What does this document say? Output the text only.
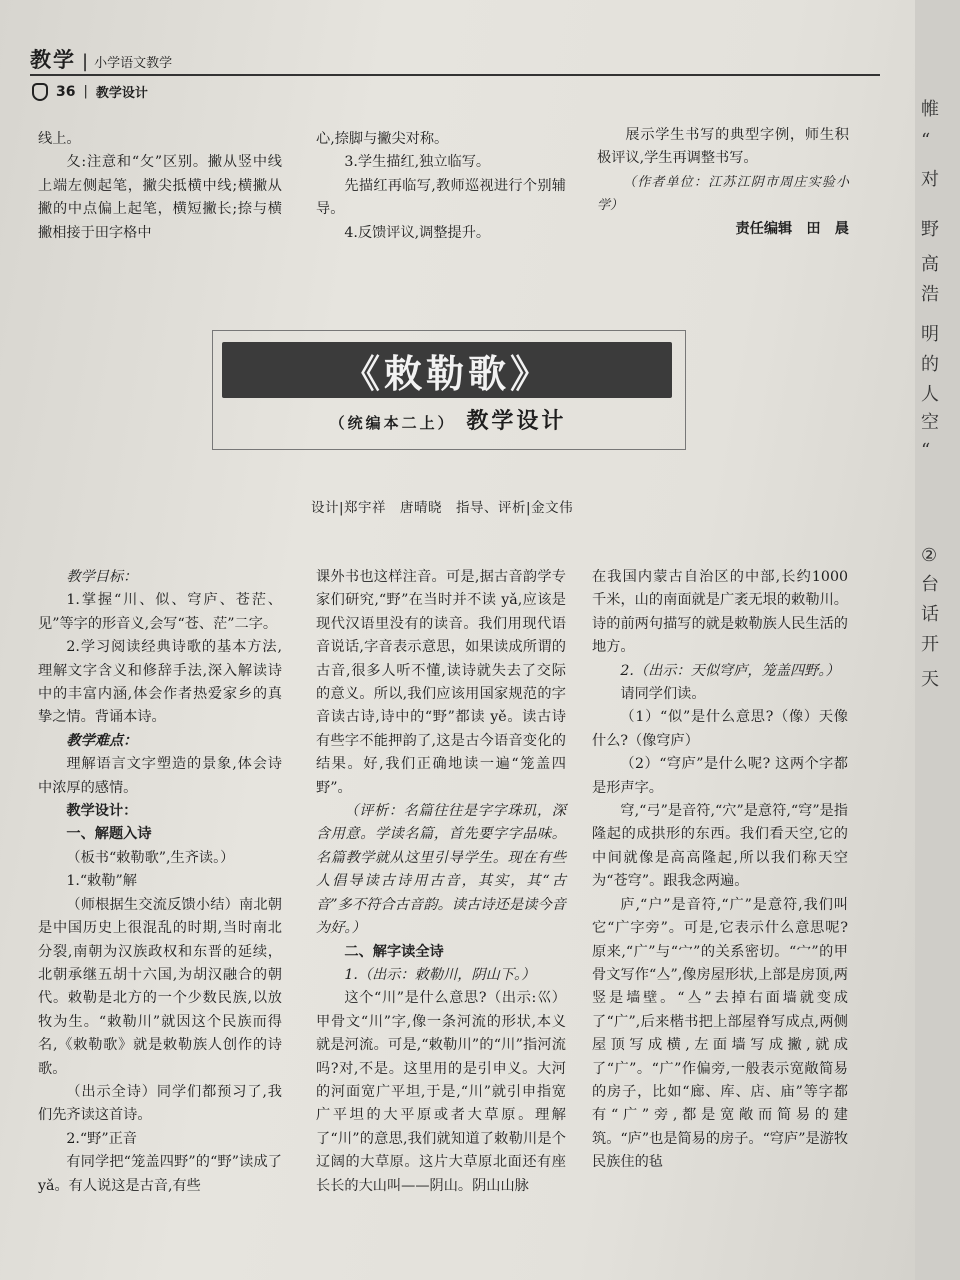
教学 | 小学语文教学
36 | 教学设计

线上。

夂:注意和“攵”区别。撇从竖中线上端左侧起笔，撇尖抵横中线;横撇从撇的中点偏上起笔，横短撇长;捺与横撇相接于田字格中

心,捺脚与撇尖对称。

3.学生描红,独立临写。

先描红再临写,教师巡视进行个别辅导。

4.反馈评议,调整提升。

展示学生书写的典型字例，师生积极评议,学生再调整书写。

（作者单位：江苏江阴市周庄实验小学）

责任编辑　田　晨

《敕勒歌》
（统编本二上） 教学设计
设计|郑宇祥　唐晴晓　指导、评析|金文伟

教学目标：

1.掌握“川、似、穹庐、苍茫、见”等字的形音义,会写“苍、茫”二字。

2.学习阅读经典诗歌的基本方法,理解文字含义和修辞手法,深入解读诗中的丰富内涵,体会作者热爱家乡的真挚之情。背诵本诗。

教学难点：

理解语言文字塑造的景象,体会诗中浓厚的感情。

教学设计：

一、解题入诗

（板书“敕勒歌”,生齐读。）

1.“敕勒”解

（师根据生交流反馈小结）南北朝是中国历史上很混乱的时期,当时南北分裂,南朝为汉族政权和东晋的延续，北朝承继五胡十六国,为胡汉融合的朝代。敕勒是北方的一个少数民族,以放牧为生。“敕勒川”就因这个民族而得名,《敕勒歌》就是敕勒族人创作的诗歌。

（出示全诗）同学们都预习了,我们先齐读这首诗。

2.“野”正音

有同学把“笼盖四野”的“野”读成了 yǎ。有人说这是古音,有些

课外书也这样注音。可是,据古音韵学专家们研究,“野”在当时并不读 yǎ,应该是现代汉语里没有的读音。我们用现代语音说话,字音表示意思，如果读成所谓的古音,很多人听不懂,读诗就失去了交际的意义。所以,我们应该用国家规范的字音读古诗,诗中的“野”都读 yě。读古诗有些字不能押韵了,这是古今语音变化的结果。好,我们正确地读一遍“笼盖四野”。

（评析：名篇往往是字字珠玑，深含用意。学读名篇，首先要字字品味。名篇教学就从这里引导学生。现在有些人倡导读古诗用古音，其实，其“古音”多不符合古音韵。读古诗还是读今音为好。）

二、解字读全诗

1.（出示：敕勒川，阴山下。）

这个“川”是什么意思?（出示:巛）甲骨文“川”字,像一条河流的形状,本义就是河流。可是,“敕勒川”的“川”指河流吗?对,不是。这里用的是引申义。大河的河面宽广平坦,于是,“川”就引申指宽广平坦的大平原或者大草原。理解了“川”的意思,我们就知道了敕勒川是个辽阔的大草原。这片大草原北面还有座长长的大山叫——阴山。阴山山脉

在我国内蒙古自治区的中部,长约1000 千米，山的南面就是广袤无垠的敕勒川。诗的前两句描写的就是敕勒族人民生活的地方。

2.（出示：天似穹庐，笼盖四野。）

请同学们读。

（1）“似”是什么意思?（像）天像什么?（像穹庐）

（2）“穹庐”是什么呢? 这两个字都是形声字。

穹,“弓”是音符,“穴”是意符,“穹”是指隆起的成拱形的东西。我们看天空,它的中间就像是高高隆起,所以我们称天空为“苍穹”。跟我念两遍。

庐,“户”是音符,“广”是意符,我们叫它“广字旁”。可是,它表示什么意思呢? 原来,“广”与“宀”的关系密切。“宀”的甲骨文写作“亼”,像房屋形状,上部是房顶,两竖是墙壁。“亼”去掉右面墙就变成了“广”,后来楷书把上部屋脊写成点,两侧屋顶写成横,左面墙写成撇,就成了“广”。“广”作偏旁,一般表示宽敞简易的房子，比如“廊、库、店、庙”等字都有“广”旁,都是宽敞而简易的建筑。“庐”也是简易的房子。“穹庐”是游牧民族住的毡

帷
“
对
野
高
浩
明
的
人
空
“
②
台
话
开
天
